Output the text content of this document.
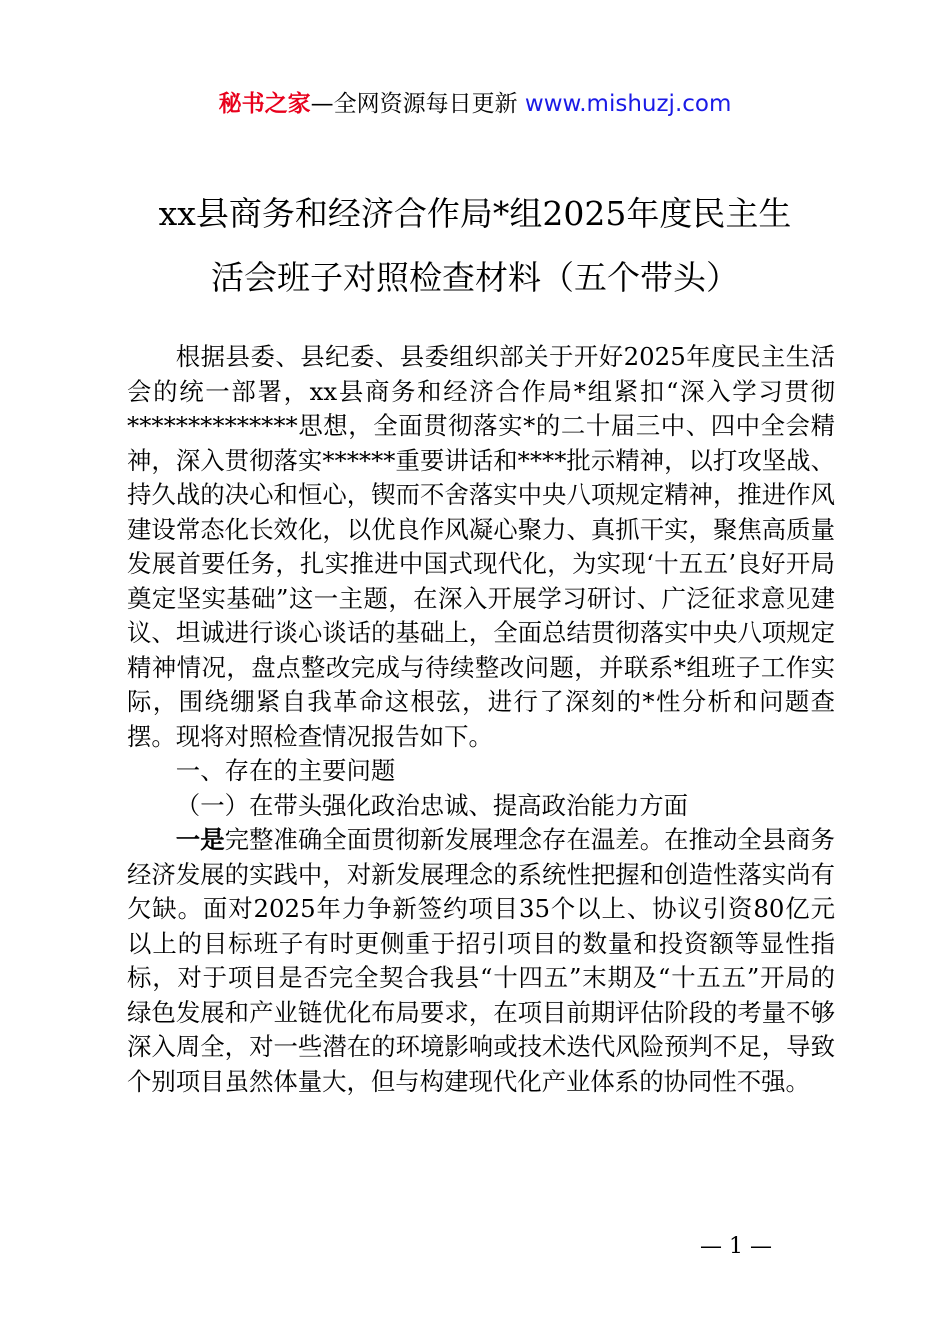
秘书之家—全网资源每日更新 www.mishuzj.com
xx县商务和经济合作局*组2025年度民主生
活会班子对照检查材料（五个带头）

根据县委、县纪委、县委组织部关于开好2025年度民主生活会的统一部署，xx县商务和经济合作局*组紧扣“深入学习贯彻**************思想，全面贯彻落实*的二十届三中、四中全会精神，深入贯彻落实******重要讲话和****批示精神，以打攻坚战、持久战的决心和恒心，锲而不舍落实中央八项规定精神，推进作风建设常态化长效化，以优良作风凝心聚力、真抓干实，聚焦高质量发展首要任务，扎实推进中国式现代化，为实现‘十五五’良好开局奠定坚实基础”这一主题，在深入开展学习研讨、广泛征求意见建议、坦诚进行谈心谈话的基础上，全面总结贯彻落实中央八项规定精神情况，盘点整改完成与待续整改问题，并联系*组班子工作实际，围绕绷紧自我革命这根弦，进行了深刻的*性分析和问题查摆。现将对照检查情况报告如下。

一、存在的主要问题

（一）在带头强化政治忠诚、提高政治能力方面

一是完整准确全面贯彻新发展理念存在温差。在推动全县商务经济发展的实践中，对新发展理念的系统性把握和创造性落实尚有欠缺。面对2025年力争新签约项目35个以上、协议引资80亿元以上的目标班子有时更侧重于招引项目的数量和投资额等显性指标，对于项目是否完全契合我县“十四五”末期及“十五五”开局的绿色发展和产业链优化布局要求，在项目前期评估阶段的考量不够深入周全，对一些潜在的环境影响或技术迭代风险预判不足，导致个别项目虽然体量大，但与构建现代化产业体系的协同性不强。

— 1 —
